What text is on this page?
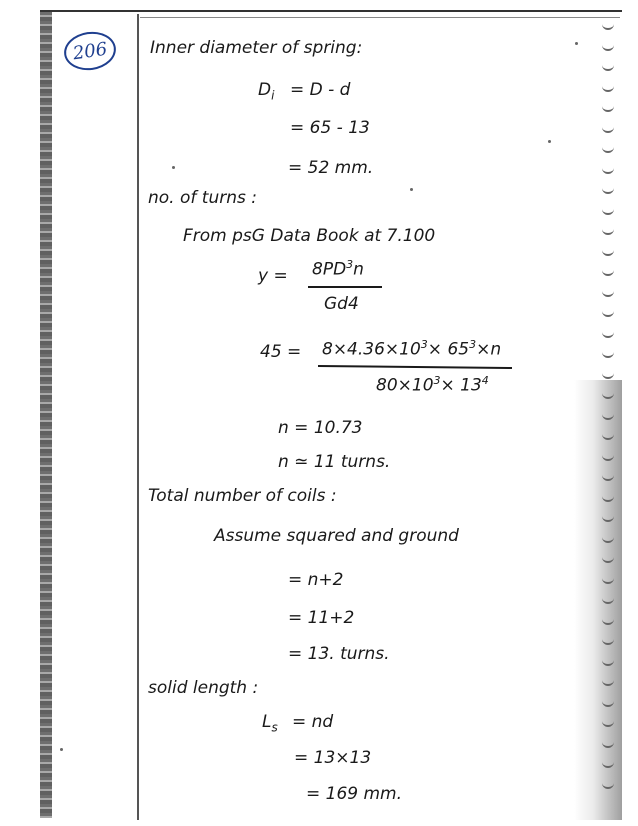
206 Inner diameter of spring:
$D_i = D - d$
= 65 - 13
= 52 mm.
no. of turns :
From psG Data Book at 7.100
$y = 8PD^3n$
Gd4
$45 = 8\times 4.36\times 10^3\times 65^3\times n$
$80\times 10^3\times 13^4$
n = 10.73
n ≃ 11 turns.
Total number of coils :
Assume squared and ground
= n+2
= 11+2
= 13. turns.
solid length :
$L_s$ = nd
= 13×13
= 169 mm.
